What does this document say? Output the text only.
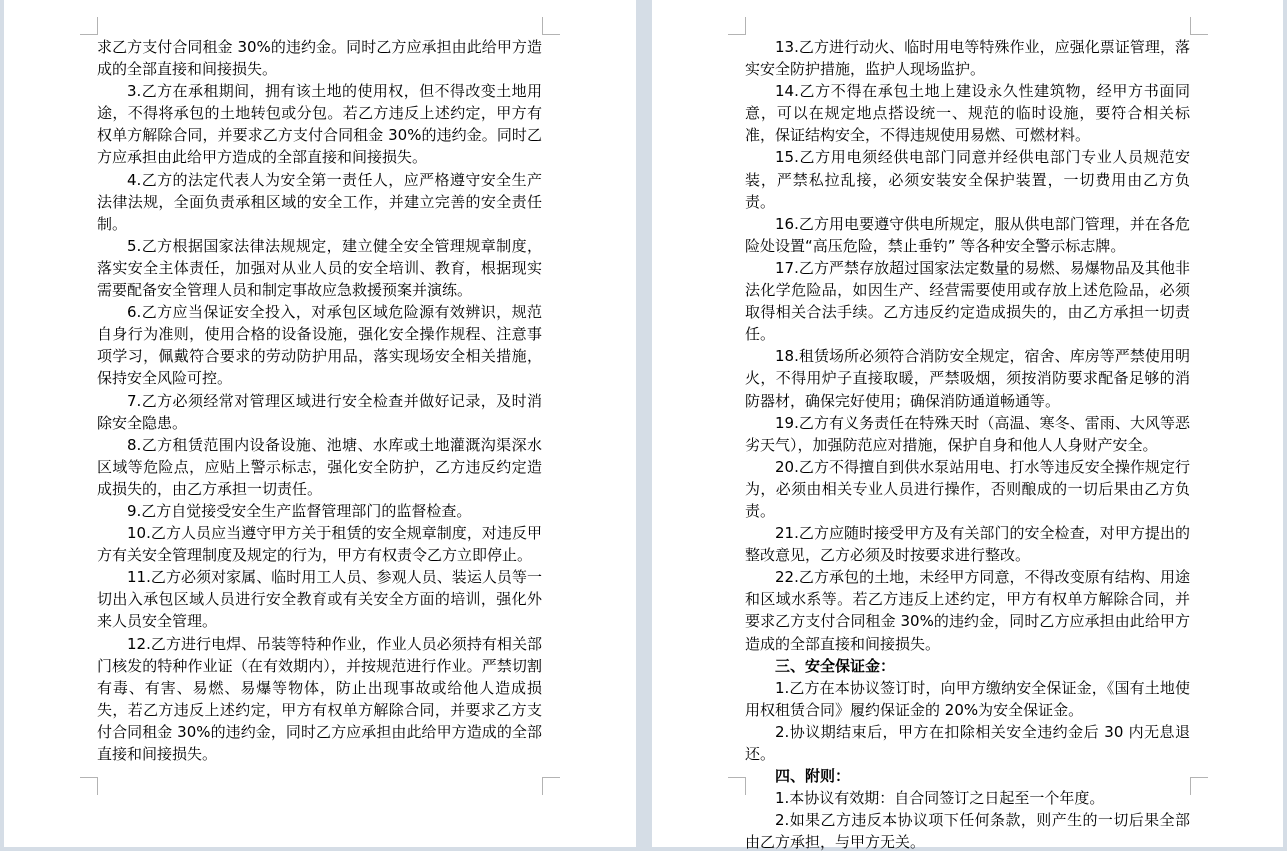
求乙方支付合同租金 30%的违约金。同时乙方应承担由此给甲方造成的全部直接和间接损失。

3.乙方在承租期间，拥有该土地的使用权，但不得改变土地用途，不得将承包的土地转包或分包。若乙方违反上述约定，甲方有权单方解除合同，并要求乙方支付合同租金 30%的违约金。同时乙方应承担由此给甲方造成的全部直接和间接损失。

4.乙方的法定代表人为安全第一责任人，应严格遵守安全生产法律法规，全面负责承租区域的安全工作，并建立完善的安全责任制。

5.乙方根据国家法律法规规定，建立健全安全管理规章制度，落实安全主体责任，加强对从业人员的安全培训、教育，根据现实需要配备安全管理人员和制定事故应急救援预案并演练。

6.乙方应当保证安全投入，对承包区域危险源有效辨识，规范自身行为准则，使用合格的设备设施，强化安全操作规程、注意事项学习，佩戴符合要求的劳动防护用品，落实现场安全相关措施，保持安全风险可控。

7.乙方必须经常对管理区域进行安全检查并做好记录，及时消除安全隐患。

8.乙方租赁范围内设备设施、池塘、水库或土地灌溉沟渠深水区域等危险点，应贴上警示标志，强化安全防护，乙方违反约定造成损失的，由乙方承担一切责任。

9.乙方自觉接受安全生产监督管理部门的监督检查。

10.乙方人员应当遵守甲方关于租赁的安全规章制度，对违反甲方有关安全管理制度及规定的行为，甲方有权责令乙方立即停止。

11.乙方必须对家属、临时用工人员、参观人员、装运人员等一切出入承包区域人员进行安全教育或有关安全方面的培训，强化外来人员安全管理。

12.乙方进行电焊、吊装等特种作业，作业人员必须持有相关部门核发的特种作业证（在有效期内），并按规范进行作业。严禁切割有毒、有害、易燃、易爆等物体，防止出现事故或给他人造成损失，若乙方违反上述约定，甲方有权单方解除合同，并要求乙方支付合同租金 30%的违约金，同时乙方应承担由此给甲方造成的全部直接和间接损失。

13.乙方进行动火、临时用电等特殊作业，应强化票证管理，落实安全防护措施，监护人现场监护。

14.乙方不得在承包土地上建设永久性建筑物，经甲方书面同意，可以在规定地点搭设统一、规范的临时设施，要符合相关标准，保证结构安全，不得违规使用易燃、可燃材料。

15.乙方用电须经供电部门同意并经供电部门专业人员规范安装，严禁私拉乱接，必须安装安全保护装置，一切费用由乙方负责。

16.乙方用电要遵守供电所规定，服从供电部门管理，并在各危险处设置“高压危险，禁止垂钓” 等各种安全警示标志牌。

17.乙方严禁存放超过国家法定数量的易燃、易爆物品及其他非法化学危险品，如因生产、经营需要使用或存放上述危险品，必须取得相关合法手续。乙方违反约定造成损失的，由乙方承担一切责任。

18.租赁场所必须符合消防安全规定，宿舍、库房等严禁使用明火，不得用炉子直接取暖，严禁吸烟，须按消防要求配备足够的消防器材，确保完好使用；确保消防通道畅通等。

19.乙方有义务责任在特殊天时（高温、寒冬、雷雨、大风等恶劣天气），加强防范应对措施，保护自身和他人人身财产安全。

20.乙方不得擅自到供水泵站用电、打水等违反安全操作规定行为，必须由相关专业人员进行操作，否则酿成的一切后果由乙方负责。

21.乙方应随时接受甲方及有关部门的安全检查，对甲方提出的整改意见，乙方必须及时按要求进行整改。

22.乙方承包的土地，未经甲方同意，不得改变原有结构、用途和区域水系等。若乙方违反上述约定，甲方有权单方解除合同，并要求乙方支付合同租金 30%的违约金，同时乙方应承担由此给甲方造成的全部直接和间接损失。

三、安全保证金：

1.乙方在本协议签订时，向甲方缴纳安全保证金，《国有土地使用权租赁合同》履约保证金的 20%为安全保证金。

2.协议期结束后，甲方在扣除相关安全违约金后 30 内无息退还。

四、附则：

1.本协议有效期：自合同签订之日起至一个年度。

2.如果乙方违反本协议项下任何条款，则产生的一切后果全部由乙方承担，与甲方无关。
